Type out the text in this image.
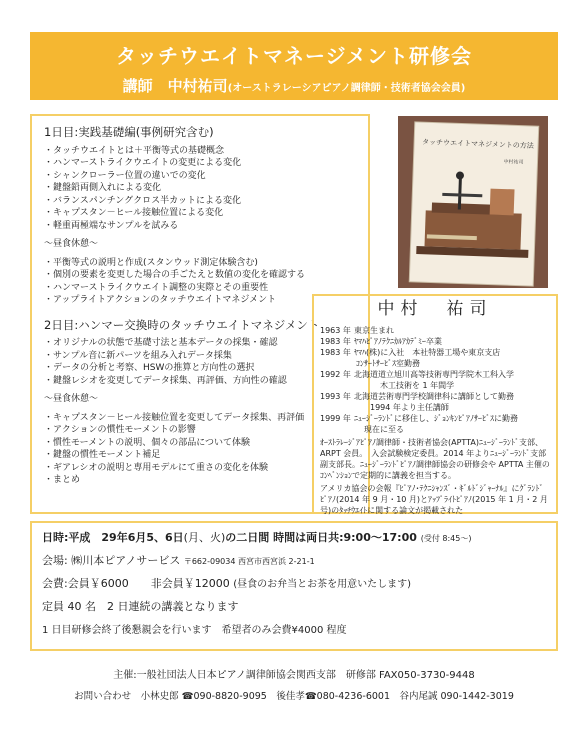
タッチウエイトマネージメント研修会
講師　中村祐司(オーストラレーシアピアノ調律師・技術者協会会員)
1日目:実践基礎編(事例研究含む)
・タッチウエイトとは＋平衡等式の基礎概念
・ハンマーストライクウエイトの変更による変化
・シャンクローラー位置の違いでの変化
・鍵盤鉛両側入れによる変化
・バランスパンチングクロス半カットによる変化
・キャプスタン－ヒール接触位置による変化
・軽重両極端なサンプルを試みる
～昼食休憩～
・平衡等式の説明と作成(スタンウッド測定体験含む)
・個別の要素を変更した場合の手ごたえと数値の変化を確認する
・ハンマーストライクウエイト調整の実際とその重要性
・アップライトアクションのタッチウエイトマネジメント
2日目:ハンマー交換時のタッチウエイトマネジメント
・オリジナルの状態で基礎寸法と基本データの採集・確認
・サンプル音に新パーツを組み入れデータ採集
・データの分析と考察、HSWの推算と方向性の選択
・鍵盤レシオを変更してデータ採集、再評価、方向性の確認
～昼食休憩～
・キャプスタン－ヒール接触位置を変更してデータ採集、再評価
・アクションの慣性モーメントの影響
・慣性モーメントの説明、個々の部品について体験
・鍵盤の慣性モーメント補足
・ギアレシオの説明と専用モデルにて重さの変化を体験
・まとめ
タッチウエイトマネジメントの方法
中村祐司
中村　祐司
1963 年 東京生まれ
1983 年 ﾔﾏﾊﾋﾟｱﾉﾃｸﾆｶﾙｱｶﾃﾞﾐｰ卒業
1983 年 ﾔﾏﾊ(株)に入社　本社特器工場や東京支店
ｺﾝｻｰﾄｻｰﾋﾞｽ室勤務
1992 年 北海道道立旭川高等技術専門学院木工科入学
木工技術を 1 年間学
1993 年 北海道芸術専門学校調律科に講師として勤務
1994 年より主任講師
1999 年 ﾆｭｰｼﾞｰﾗﾝﾄﾞに移住し、ｼﾞｮﾝｷﾝﾋﾟｱﾉｻｰﾋﾞｽに勤務
現在に至る
ｵｰｽﾄﾗﾚｰｼﾞｱﾋﾟｱﾉ調律師・技術者協会(APTTA)ﾆｭｰｼﾞｰﾗﾝﾄﾞ支部、ARPT 会員。　入会試験検定委員。2014 年よりﾆｭｰｼﾞｰﾗﾝﾄﾞ支部副支部長。ﾆｭｰｼﾞｰﾗﾝﾄﾞﾋﾟｱﾉ調律師協会の研修会や APTTA 主催のｺﾝﾍﾞﾝｼｮﾝで定期的に講義を担当する。
アメリカ協会の会報『ﾋﾟｱﾉ･ﾃｸﾆｼｬﾝｽﾞ・ｷﾞﾙﾄﾞｼﾞｬｰﾅﾙ』にｸﾞﾗﾝﾄﾞﾋﾟｱﾉ(2014 年 9 月・10 月)とｱｯﾌﾟﾗｲﾄﾋﾟｱﾉ(2015 年 1 月・2 月号)のﾀｯﾁｳｴｲﾄに関する論文が掲載された
日時:平成　29年6月5、6日(月、火)の二日間 時間は両日共:9:00～17:00 (受付 8:45～)
会場: ㈱川本ピアノサービス 〒662-09034 西宮市西宮浜 2-21-1
会費:会員￥6000　　非会員￥12000 (昼食のお弁当とお茶を用意いたします)
定員 40 名　2 日連続の講義となります
1 日目研修会終了後懇親会を行います　希望者のみ会費¥4000 程度
主催:一般社団法人日本ピアノ調律師協会関西支部　研修部 FAX050-3730-9448
お問い合わせ　小林史郎 ☎090-8820-9095　後佳孝☎080-4236-6001　谷内尾誠 090-1442-3019
